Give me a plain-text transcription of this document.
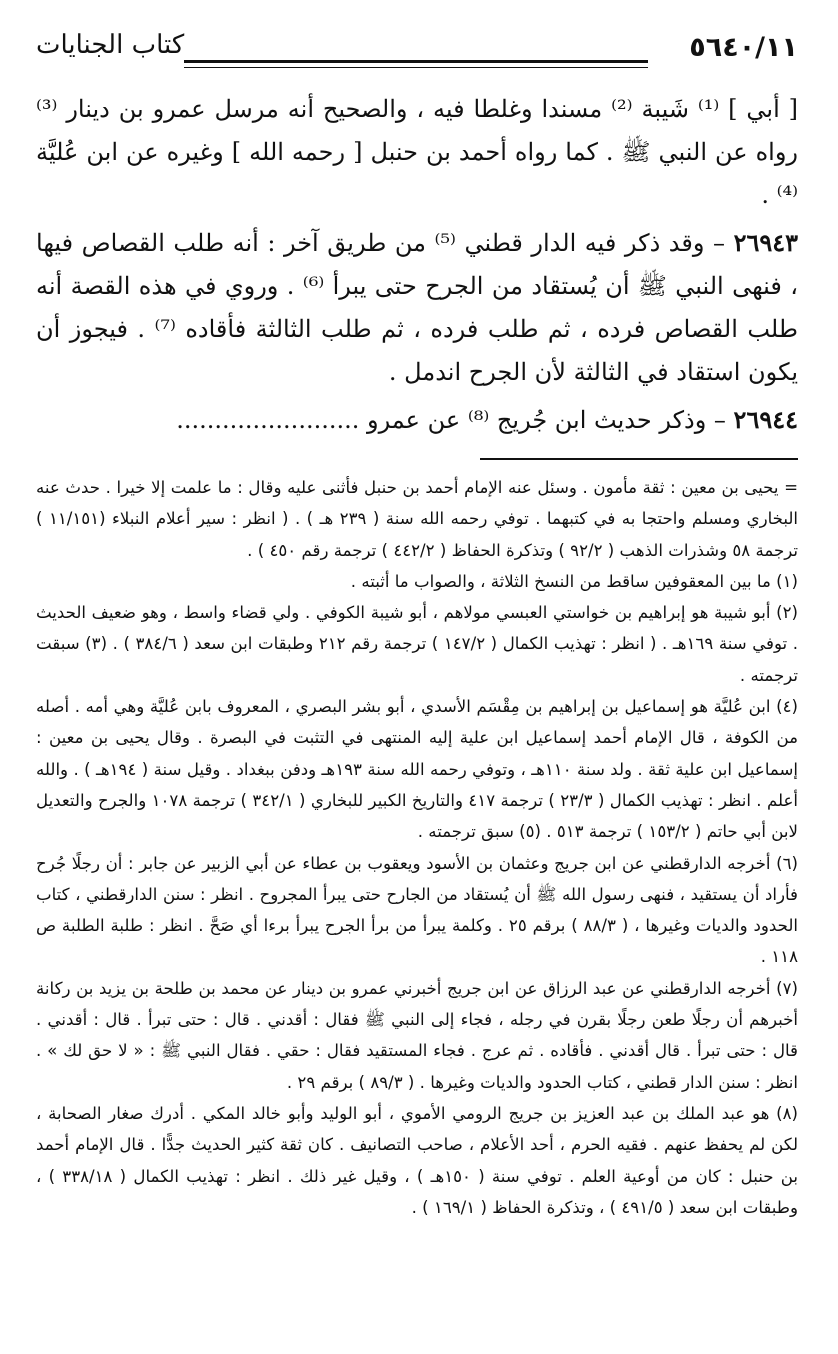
٥٦٤٠/١١
كتاب الجنايات

[ أبي ] ⁽¹⁾ شَيبة ⁽²⁾ مسندا وغلطا فيه ، والصحيح أنه مرسل عمرو بن دينار ⁽³⁾ رواه عن النبي ﷺ . كما رواه أحمد بن حنبل [ رحمه الله ] وغيره عن ابن عُليَّة ⁽⁴⁾ .

٢٦٩٤٣ – وقد ذكر فيه الدار قطني ⁽⁵⁾ من طريق آخر : أنه طلب القصاص فيها ، فنهى النبي ﷺ أن يُستقاد من الجرح حتى يبرأ ⁽⁶⁾ . وروي في هذه القصة أنه طلب القصاص فرده ، ثم طلب فرده ، ثم طلب الثالثة فأقاده ⁽⁷⁾ . فيجوز أن يكون استقاد في الثالثة لأن الجرح اندمل .

٢٦٩٤٤ – وذكر حديث ابن جُريج ⁽⁸⁾ عن عمرو ........................

= يحيى بن معين : ثقة مأمون . وسئل عنه الإمام أحمد بن حنبل فأثنى عليه وقال : ما علمت إلا خيرا . حدث عنه البخاري ومسلم واحتجا به في كتبهما . توفي رحمه الله سنة ( ٢٣٩ هـ ) . ( انظر : سير أعلام النبلاء (١١/١٥١ ) ترجمة ٥٨ وشذرات الذهب ( ٩٢/٢ ) وتذكرة الحفاظ ( ٤٤٢/٢ ) ترجمة رقم ٤٥٠ ) .

(١) ما بين المعقوفين ساقط من النسخ الثلاثة ، والصواب ما أثبته .

(٢) أبو شيبة هو إبراهيم بن خواستي العبسي مولاهم ، أبو شيبة الكوفي . ولي قضاء واسط ، وهو ضعيف الحديث . توفي سنة ١٦٩هـ . ( انظر : تهذيب الكمال ( ١٤٧/٢ ) ترجمة رقم ٢١٢ وطبقات ابن سعد ( ٣٨٤/٦ ) . (٣) سبقت ترجمته .

(٤) ابن عُليَّة هو إسماعيل بن إبراهيم بن مِقْسَم الأسدي ، أبو بشر البصري ، المعروف بابن عُليَّة وهي أمه . أصله من الكوفة ، قال الإمام أحمد إسماعيل ابن علية إليه المنتهى في التثبت في البصرة . وقال يحيى بن معين : إسماعيل ابن علية ثقة . ولد سنة ١١٠هـ ، وتوفي رحمه الله سنة ١٩٣هـ ودفن ببغداد . وقيل سنة ( ١٩٤هـ ) . والله أعلم . انظر : تهذيب الكمال ( ٢٣/٣ ) ترجمة ٤١٧ والتاريخ الكبير للبخاري ( ٣٤٢/١ ) ترجمة ١٠٧٨ والجرح والتعديل لابن أبي حاتم ( ١٥٣/٢ ) ترجمة ٥١٣ . (٥) سبق ترجمته .

(٦) أخرجه الدارقطني عن ابن جريج وعثمان بن الأسود ويعقوب بن عطاء عن أبي الزبير عن جابر : أن رجلًا جُرح فأراد أن يستقيد ، فنهى رسول الله ﷺ أن يُستقاد من الجارح حتى يبرأ المجروح . انظر : سنن الدارقطني ، كتاب الحدود والديات وغيرها ، ( ٨٨/٣ ) برقم ٢٥ . وكلمة يبرأ من برأ الجرح يبرأ برءا أي صَحَّ . انظر : طلبة الطلبة ص ١١٨ .

(٧) أخرجه الدارقطني عن عبد الرزاق عن ابن جريج أخبرني عمرو بن دينار عن محمد بن طلحة بن يزيد بن ركانة أخبرهم أن رجلًا طعن رجلًا بقرن في رجله ، فجاء إلى النبي ﷺ فقال : أقدني . قال : حتى تبرأ . قال : أقدني . قال : حتى تبرأ . قال أقدني . فأقاده . ثم عرج . فجاء المستقيد فقال : حقي . فقال النبي ﷺ : « لا حق لك » . انظر : سنن الدار قطني ، كتاب الحدود والديات وغيرها . ( ٨٩/٣ ) برقم ٢٩ .

(٨) هو عبد الملك بن عبد العزيز بن جريج الرومي الأموي ، أبو الوليد وأبو خالد المكي . أدرك صغار الصحابة ، لكن لم يحفظ عنهم . فقيه الحرم ، أحد الأعلام ، صاحب التصانيف . كان ثقة كثير الحديث جدًّا . قال الإمام أحمد بن حنبل : كان من أوعية العلم . توفي سنة ( ١٥٠هـ ) ، وقيل غير ذلك . انظر : تهذيب الكمال ( ٣٣٨/١٨ ) ، وطبقات ابن سعد ( ٤٩١/٥ ) ، وتذكرة الحفاظ ( ١٦٩/١ ) .
